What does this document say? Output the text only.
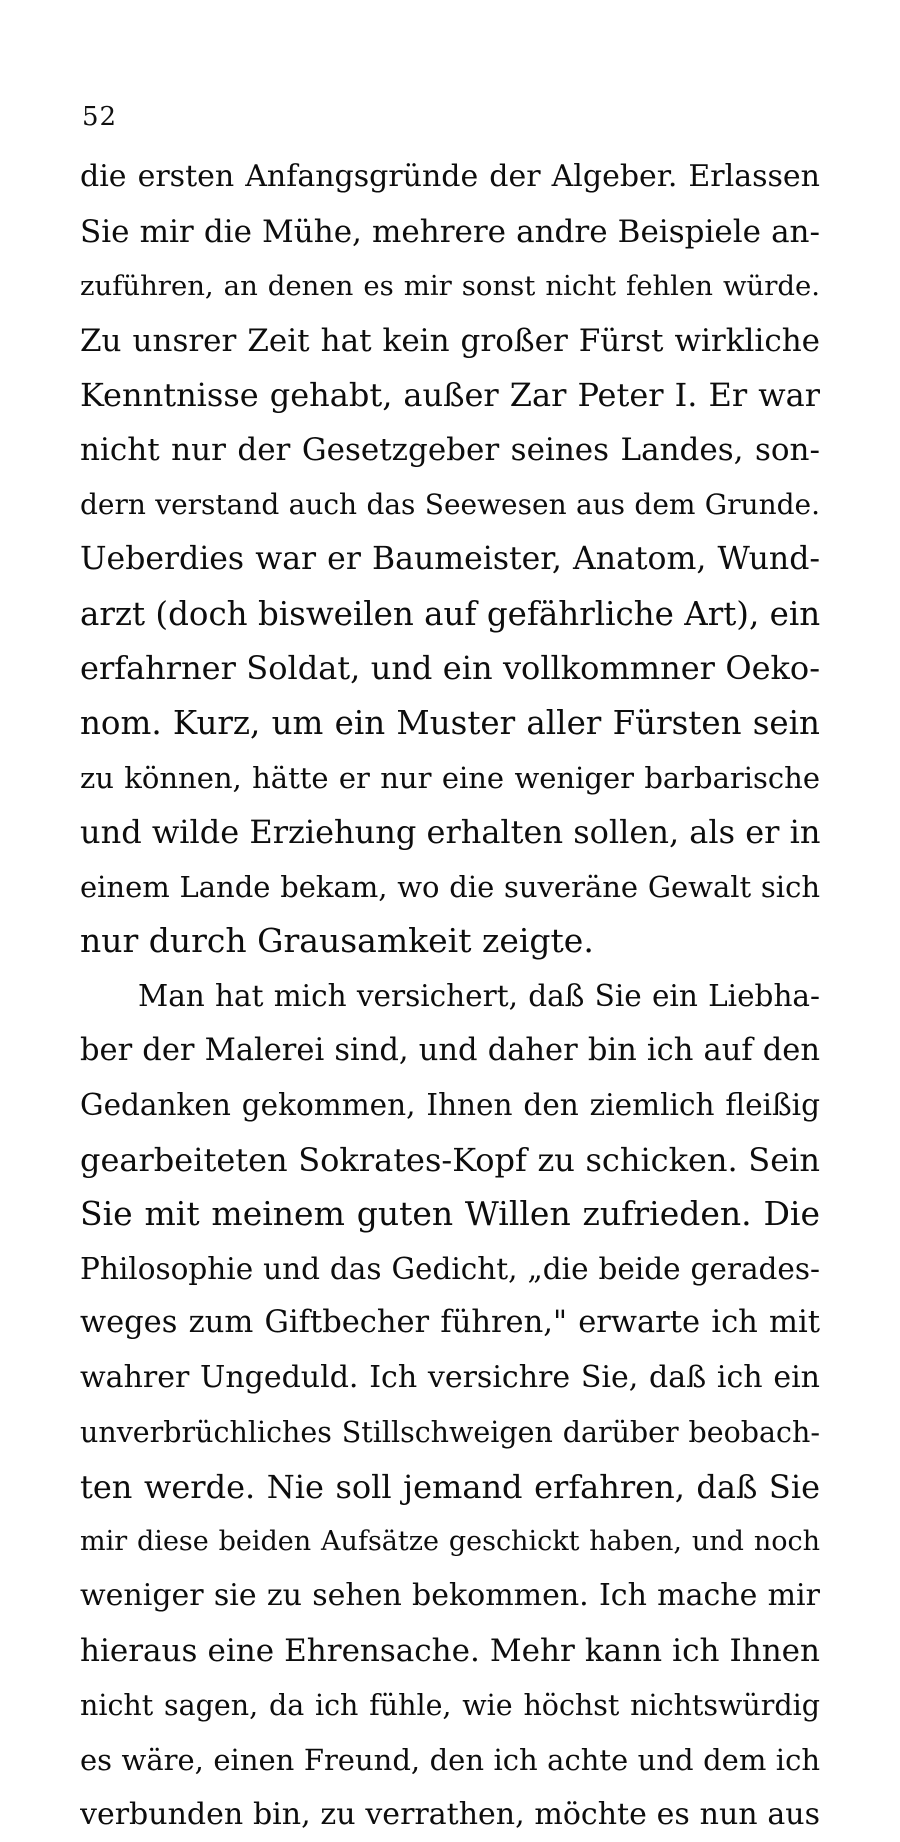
52
die ersten Anfangsgründe der Algeber. Erlassen
Sie mir die Mühe, mehrere andre Beispiele an-
zuführen, an denen es mir sonst nicht fehlen würde.
Zu unsrer Zeit hat kein großer Fürst wirkliche
Kenntnisse gehabt, außer Zar Peter I. Er war
nicht nur der Gesetzgeber seines Landes, son-
dern verstand auch das Seewesen aus dem Grunde.
Ueberdies war er Baumeister, Anatom, Wund-
arzt (doch bisweilen auf gefährliche Art), ein
erfahrner Soldat, und ein vollkommner Oeko-
nom. Kurz, um ein Muster aller Fürsten sein
zu können, hätte er nur eine weniger barbarische
und wilde Erziehung erhalten sollen, als er in
einem Lande bekam, wo die suveräne Gewalt sich
nur durch Grausamkeit zeigte.
Man hat mich versichert, daß Sie ein Liebha-
ber der Malerei sind, und daher bin ich auf den
Gedanken gekommen, Ihnen den ziemlich fleißig
gearbeiteten Sokrates-Kopf zu schicken. Sein
Sie mit meinem guten Willen zufrieden. Die
Philosophie und das Gedicht, „die beide gerades-
weges zum Giftbecher führen," erwarte ich mit
wahrer Ungeduld. Ich versichre Sie, daß ich ein
unverbrüchliches Stillschweigen darüber beobach-
ten werde. Nie soll jemand erfahren, daß Sie
mir diese beiden Aufsätze geschickt haben, und noch
weniger sie zu sehen bekommen. Ich mache mir
hieraus eine Ehrensache. Mehr kann ich Ihnen
nicht sagen, da ich fühle, wie höchst nichtswürdig
es wäre, einen Freund, den ich achte und dem ich
verbunden bin, zu verrathen, möchte es nun aus
